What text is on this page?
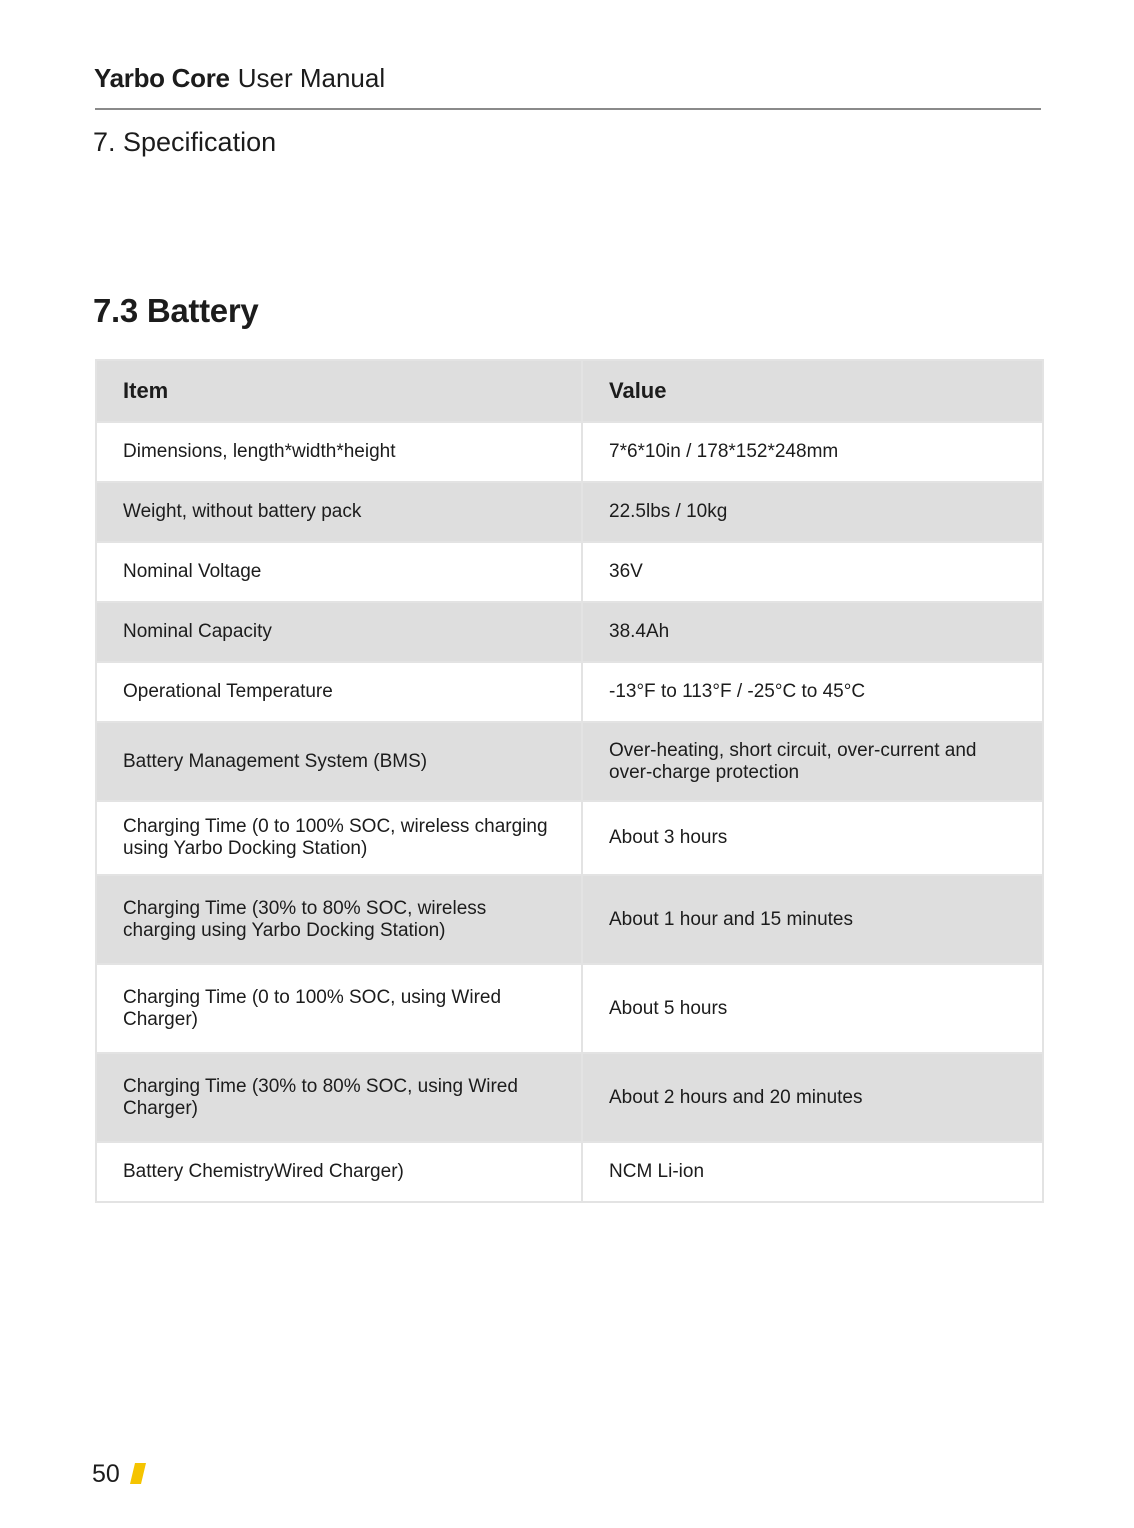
Yarbo Core User Manual
7. Specification
7.3 Battery
Item	Value
Dimensions, length*width*height	7*6*10in / 178*152*248mm
Weight, without battery pack	22.5lbs / 10kg
Nominal Voltage	36V
Nominal Capacity	38.4Ah
Operational Temperature	-13°F to 113°F / -25°C to 45°C
Battery Management System (BMS)	Over-heating, short circuit, over-current and over-charge protection
Charging Time (0 to 100% SOC, wireless charging using Yarbo Docking Station)	About 3 hours
Charging Time (30% to 80% SOC, wireless charging using Yarbo Docking Station)	About 1 hour and 15 minutes
Charging Time (0 to 100% SOC, using Wired Charger)	About 5 hours
Charging Time (30% to 80% SOC, using Wired Charger)	About 2 hours and 20 minutes
Battery ChemistryWired Charger)	NCM Li-ion
50
